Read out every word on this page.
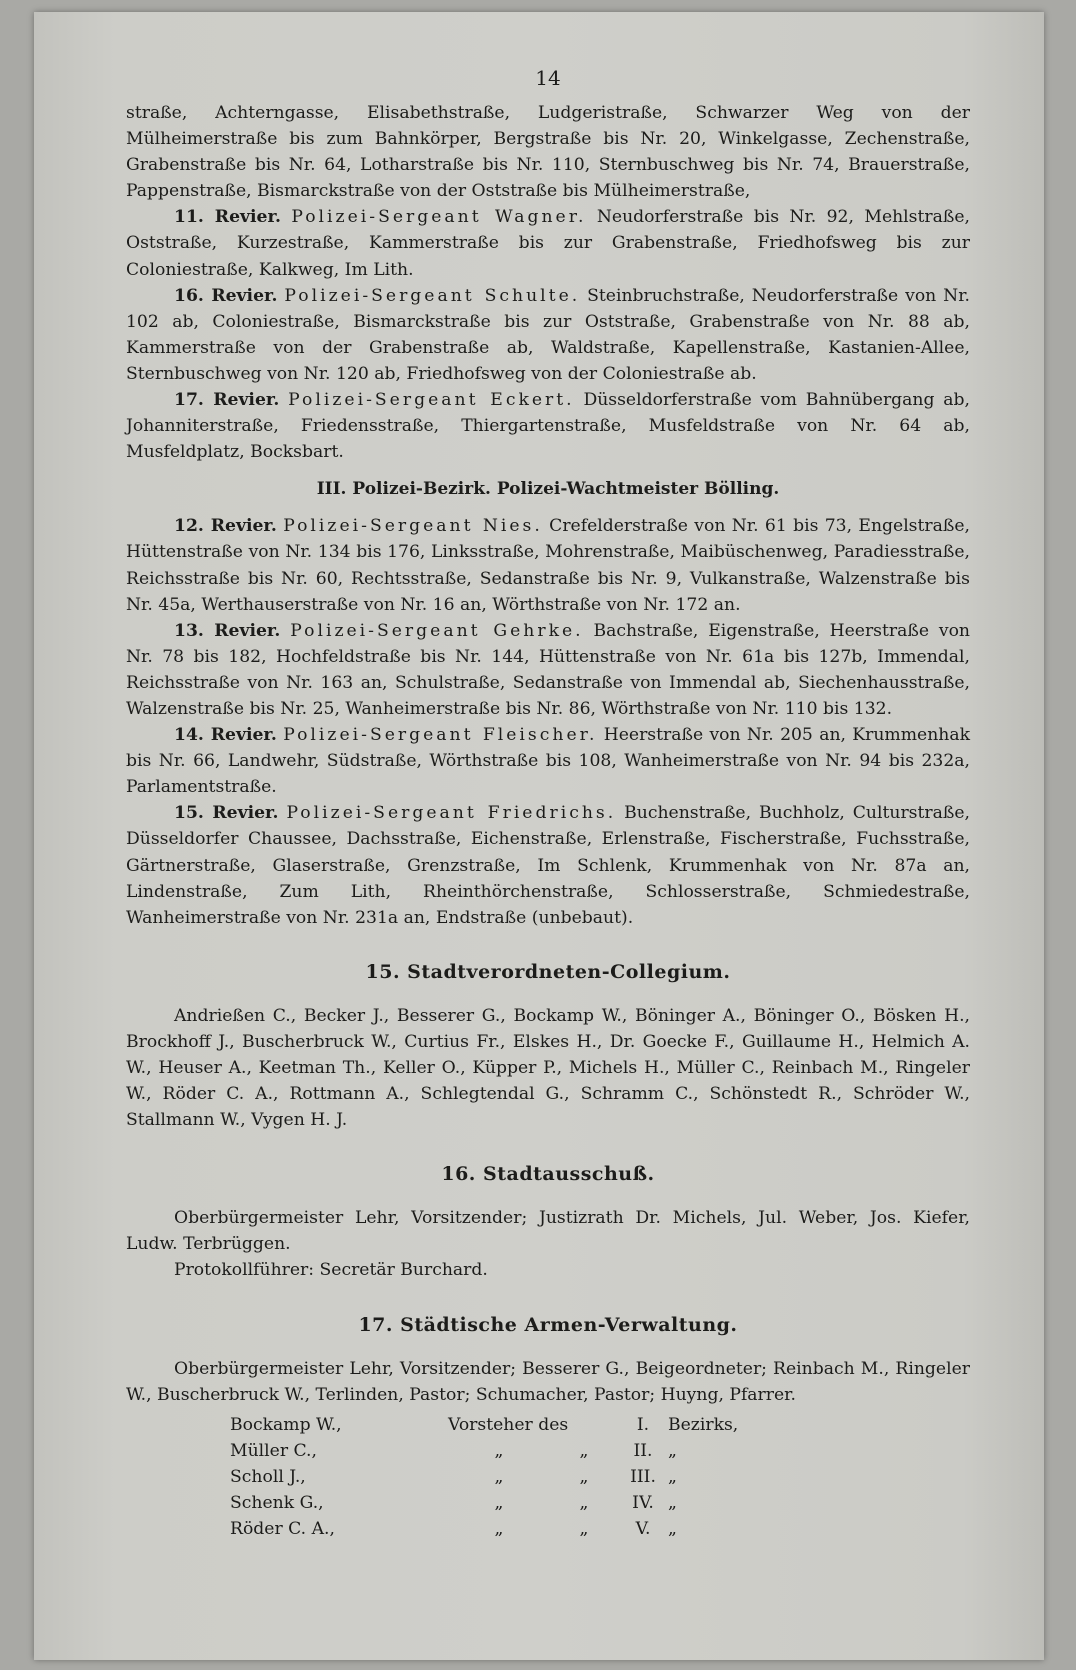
14

straße, Achterngasse, Elisabethstraße, Ludgeristraße, Schwarzer Weg von der Mülheimerstraße bis zum Bahnkörper, Bergstraße bis Nr. 20, Winkelgasse, Zechenstraße, Grabenstraße bis Nr. 64, Lotharstraße bis Nr. 110, Sternbuschweg bis Nr. 74, Brauerstraße, Pappenstraße, Bismarckstraße von der Oststraße bis Mülheimerstraße,

11. Revier. Polizei-Sergeant Wagner. Neudorferstraße bis Nr. 92, Mehlstraße, Oststraße, Kurzestraße, Kammerstraße bis zur Grabenstraße, Friedhofsweg bis zur Coloniestraße, Kalkweg, Im Lith.

16. Revier. Polizei-Sergeant Schulte. Steinbruchstraße, Neudorferstraße von Nr. 102 ab, Coloniestraße, Bismarckstraße bis zur Oststraße, Grabenstraße von Nr. 88 ab, Kammerstraße von der Grabenstraße ab, Waldstraße, Kapellenstraße, Kastanien-Allee, Sternbuschweg von Nr. 120 ab, Friedhofsweg von der Coloniestraße ab.

17. Revier. Polizei-Sergeant Eckert. Düsseldorferstraße vom Bahnübergang ab, Johanniterstraße, Friedensstraße, Thiergartenstraße, Musfeldstraße von Nr. 64 ab, Musfeldplatz, Bocksbart.

III. Polizei-Bezirk. Polizei-Wachtmeister Bölling.

12. Revier. Polizei-Sergeant Nies. Crefelderstraße von Nr. 61 bis 73, Engelstraße, Hüttenstraße von Nr. 134 bis 176, Linksstraße, Mohrenstraße, Maibüschenweg, Paradiesstraße, Reichsstraße bis Nr. 60, Rechtsstraße, Sedanstraße bis Nr. 9, Vulkanstraße, Walzenstraße bis Nr. 45a, Werthauserstraße von Nr. 16 an, Wörthstraße von Nr. 172 an.

13. Revier. Polizei-Sergeant Gehrke. Bachstraße, Eigenstraße, Heerstraße von Nr. 78 bis 182, Hochfeldstraße bis Nr. 144, Hüttenstraße von Nr. 61a bis 127b, Immendal, Reichsstraße von Nr. 163 an, Schulstraße, Sedanstraße von Immendal ab, Siechenhausstraße, Walzenstraße bis Nr. 25, Wanheimerstraße bis Nr. 86, Wörthstraße von Nr. 110 bis 132.

14. Revier. Polizei-Sergeant Fleischer. Heerstraße von Nr. 205 an, Krummenhak bis Nr. 66, Landwehr, Südstraße, Wörthstraße bis 108, Wanheimerstraße von Nr. 94 bis 232a, Parlamentstraße.

15. Revier. Polizei-Sergeant Friedrichs. Buchenstraße, Buchholz, Culturstraße, Düsseldorfer Chaussee, Dachsstraße, Eichenstraße, Erlenstraße, Fischerstraße, Fuchsstraße, Gärtnerstraße, Glaserstraße, Grenzstraße, Im Schlenk, Krummenhak von Nr. 87a an, Lindenstraße, Zum Lith, Rheinthörchenstraße, Schlosserstraße, Schmiedestraße, Wanheimerstraße von Nr. 231a an, Endstraße (unbebaut).

15. Stadtverordneten-Collegium.

Andrießen C., Becker J., Besserer G., Bockamp W., Böninger A., Böninger O., Bösken H., Brockhoff J., Buscherbruck W., Curtius Fr., Elskes H., Dr. Goecke F., Guillaume H., Helmich A. W., Heuser A., Keetman Th., Keller O., Küpper P., Michels H., Müller C., Reinbach M., Ringeler W., Röder C. A., Rottmann A., Schlegtendal G., Schramm C., Schönstedt R., Schröder W., Stallmann W., Vygen H. J.

16. Stadtausschuß.

Oberbürgermeister Lehr, Vorsitzender; Justizrath Dr. Michels, Jul. Weber, Jos. Kiefer, Ludw. Terbrüggen.

Protokollführer: Secretär Burchard.

17. Städtische Armen-Verwaltung.

Oberbürgermeister Lehr, Vorsitzender; Besserer G., Beigeordneter; Reinbach M., Ringeler W., Buscherbruck W., Terlinden, Pastor; Schumacher, Pastor; Huyng, Pfarrer.

Bockamp W.,	Vorsteher des		I.	Bezirks,
Müller C.,	„	„	II.	„
Scholl J.,	„	„	III.	„
Schenk G.,	„	„	IV.	„
Röder C. A.,	„	„	V.	„
